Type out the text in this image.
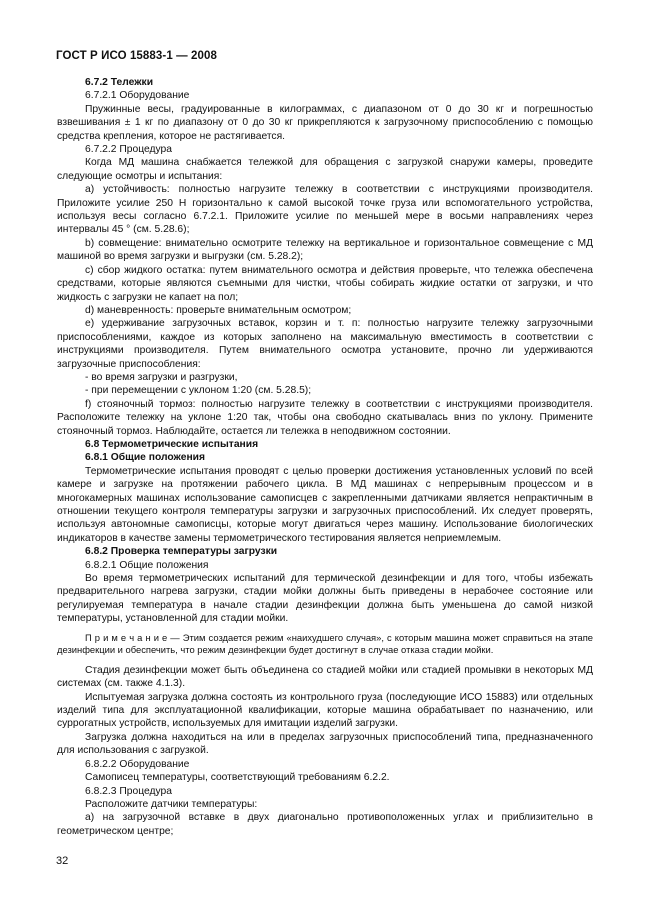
ГОСТ Р ИСО 15883-1 — 2008

6.7.2 Тележки

6.7.2.1 Оборудование

Пружинные весы, градуированные в килограммах, с диапазоном от 0 до 30 кг и погрешностью взвешивания ± 1 кг по диапазону от 0 до 30 кг прикрепляются к загрузочному приспособлению с помощью средства крепления, которое не растягивается.

6.7.2.2 Процедура

Когда МД машина снабжается тележкой для обращения с загрузкой снаружи камеры, проведите следующие осмотры и испытания:

а) устойчивость: полностью нагрузите тележку в соответствии с инструкциями производителя. Приложите усилие 250 Н горизонтально к самой высокой точке груза или вспомогательного устройства, используя весы согласно 6.7.2.1. Приложите усилие по меньшей мере в восьми направлениях через интервалы 45 ° (см. 5.28.6);

b) совмещение: внимательно осмотрите тележку на вертикальное и горизонтальное совмещение с МД машиной во время загрузки и выгрузки (см. 5.28.2);

c) сбор жидкого остатка: путем внимательного осмотра и действия проверьте, что тележка обеспечена средствами, которые являются съемными для чистки, чтобы собирать жидкие остатки от загрузки, и что жидкость с загрузки не капает на пол;

d) маневренность: проверьте внимательным осмотром;

e) удерживание загрузочных вставок, корзин и т. п: полностью нагрузите тележку загрузочными приспособлениями, каждое из которых заполнено на максимальную вместимость в соответствии с инструкциями производителя. Путем внимательного осмотра установите, прочно ли удерживаются загрузочные приспособления:

- во время загрузки и разгрузки,

- при перемещении с уклоном 1:20 (см. 5.28.5);

f) стояночный тормоз: полностью нагрузите тележку в соответствии с инструкциями производителя. Расположите тележку на уклоне 1:20 так, чтобы она свободно скатывалась вниз по уклону. Примените стояночный тормоз. Наблюдайте, остается ли тележка в неподвижном состоянии.

6.8 Термометрические испытания

6.8.1 Общие положения

Термометрические испытания проводят с целью проверки достижения установленных условий по всей камере и загрузке на протяжении рабочего цикла. В МД машинах с непрерывным процессом и в многокамерных машинах использование самописцев с закрепленными датчиками является непрактичным в отношении текущего контроля температуры загрузки и загрузочных приспособлений. Их следует проверять, используя автономные самописцы, которые могут двигаться через машину. Использование биологических индикаторов в качестве замены термометрического тестирования является неприемлемым.

6.8.2 Проверка температуры загрузки

6.8.2.1 Общие положения

Во время термометрических испытаний для термической дезинфекции и для того, чтобы избежать предварительного нагрева загрузки, стадии мойки должны быть приведены в нерабочее состояние или регулируемая температура в начале стадии дезинфекции должна быть уменьшена до самой низкой температуры, установленной для стадии мойки.

П р и м е ч а н и е — Этим создается режим «наихудшего случая», с которым машина может справиться на этапе дезинфекции и обеспечить, что режим дезинфекции будет достигнут в случае отказа стадии мойки.

Стадия дезинфекции может быть объединена со стадией мойки или стадией промывки в некоторых МД системах (см. также 4.1.3).

Испытуемая загрузка должна состоять из контрольного груза (последующие ИСО 15883) или отдельных изделий типа для эксплуатационной квалификации, которые машина обрабатывает по назначению, или суррогатных устройств, используемых для имитации изделий загрузки.

Загрузка должна находиться на или в пределах загрузочных приспособлений типа, предназначенного для использования с загрузкой.

6.8.2.2 Оборудование

Самописец температуры, соответствующий требованиям 6.2.2.

6.8.2.3 Процедура

Расположите датчики температуры:

а) на загрузочной вставке в двух диагонально противоположенных углах и приблизительно в геометрическом центре;

32
